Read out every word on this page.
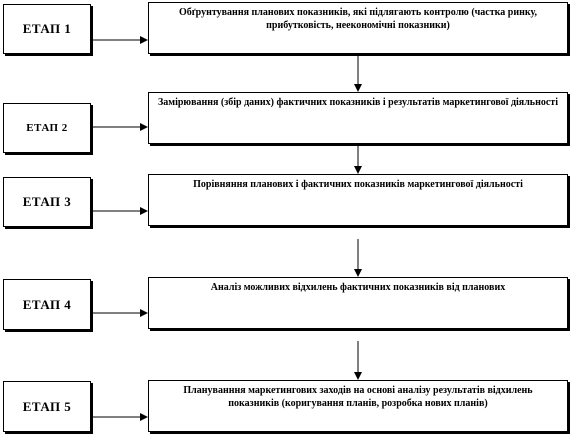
ЕТАП 1
ЕТАП 2
ЕТАП 3
ЕТАП 4
ЕТАП 5
Обґрунтування планових показників, які підлягають контролю (частка ринку, прибутковість, неекономічні показники)
Замірювання (збір даних) фактичних показників і результатів маркетингової діяльності
Порівняння планових і фактичних показників маркетингової діяльності
Аналіз можливих відхилень фактичних показників від планових
Плануванння маркетингових заходів на основі аналізу результатів відхилень показників (коригування планів, розробка нових планів)
